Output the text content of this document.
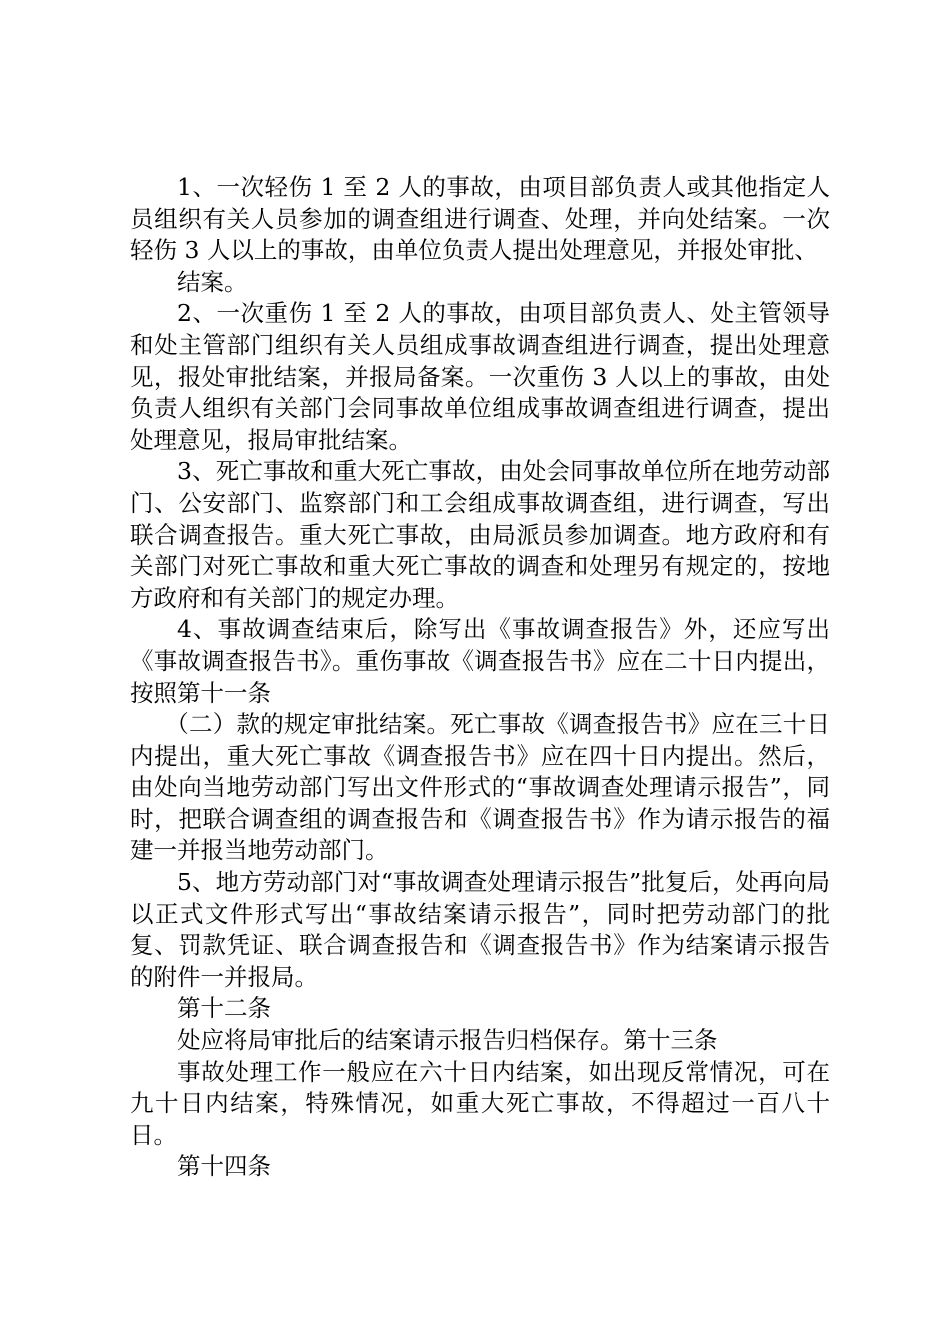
1、一次轻伤 1 至 2 人的事故，由项目部负责人或其他指定人员组织有关人员参加的调查组进行调查、处理，并向处结案。一次轻伤 3 人以上的事故，由单位负责人提出处理意见，并报处审批、

结案。

2、一次重伤 1 至 2 人的事故，由项目部负责人、处主管领导和处主管部门组织有关人员组成事故调查组进行调查，提出处理意见，报处审批结案，并报局备案。一次重伤 3 人以上的事故，由处负责人组织有关部门会同事故单位组成事故调查组进行调查，提出处理意见，报局审批结案。

3、死亡事故和重大死亡事故，由处会同事故单位所在地劳动部门、公安部门、监察部门和工会组成事故调查组，进行调查，写出联合调查报告。重大死亡事故，由局派员参加调查。地方政府和有关部门对死亡事故和重大死亡事故的调查和处理另有规定的，按地方政府和有关部门的规定办理。

4、事故调查结束后，除写出《事故调查报告》外，还应写出《事故调查报告书》。重伤事故《调查报告书》应在二十日内提出，按照第十一条

（二）款的规定审批结案。死亡事故《调查报告书》应在三十日内提出，重大死亡事故《调查报告书》应在四十日内提出。然后，由处向当地劳动部门写出文件形式的“事故调查处理请示报告”，同时，把联合调查组的调查报告和《调查报告书》作为请示报告的福建一并报当地劳动部门。

5、地方劳动部门对“事故调查处理请示报告”批复后，处再向局以正式文件形式写出“事故结案请示报告”，同时把劳动部门的批复、罚款凭证、联合调查报告和《调查报告书》作为结案请示报告的附件一并报局。

第十二条

处应将局审批后的结案请示报告归档保存。第十三条

事故处理工作一般应在六十日内结案，如出现反常情况，可在九十日内结案，特殊情况，如重大死亡事故，不得超过一百八十日。

第十四条
